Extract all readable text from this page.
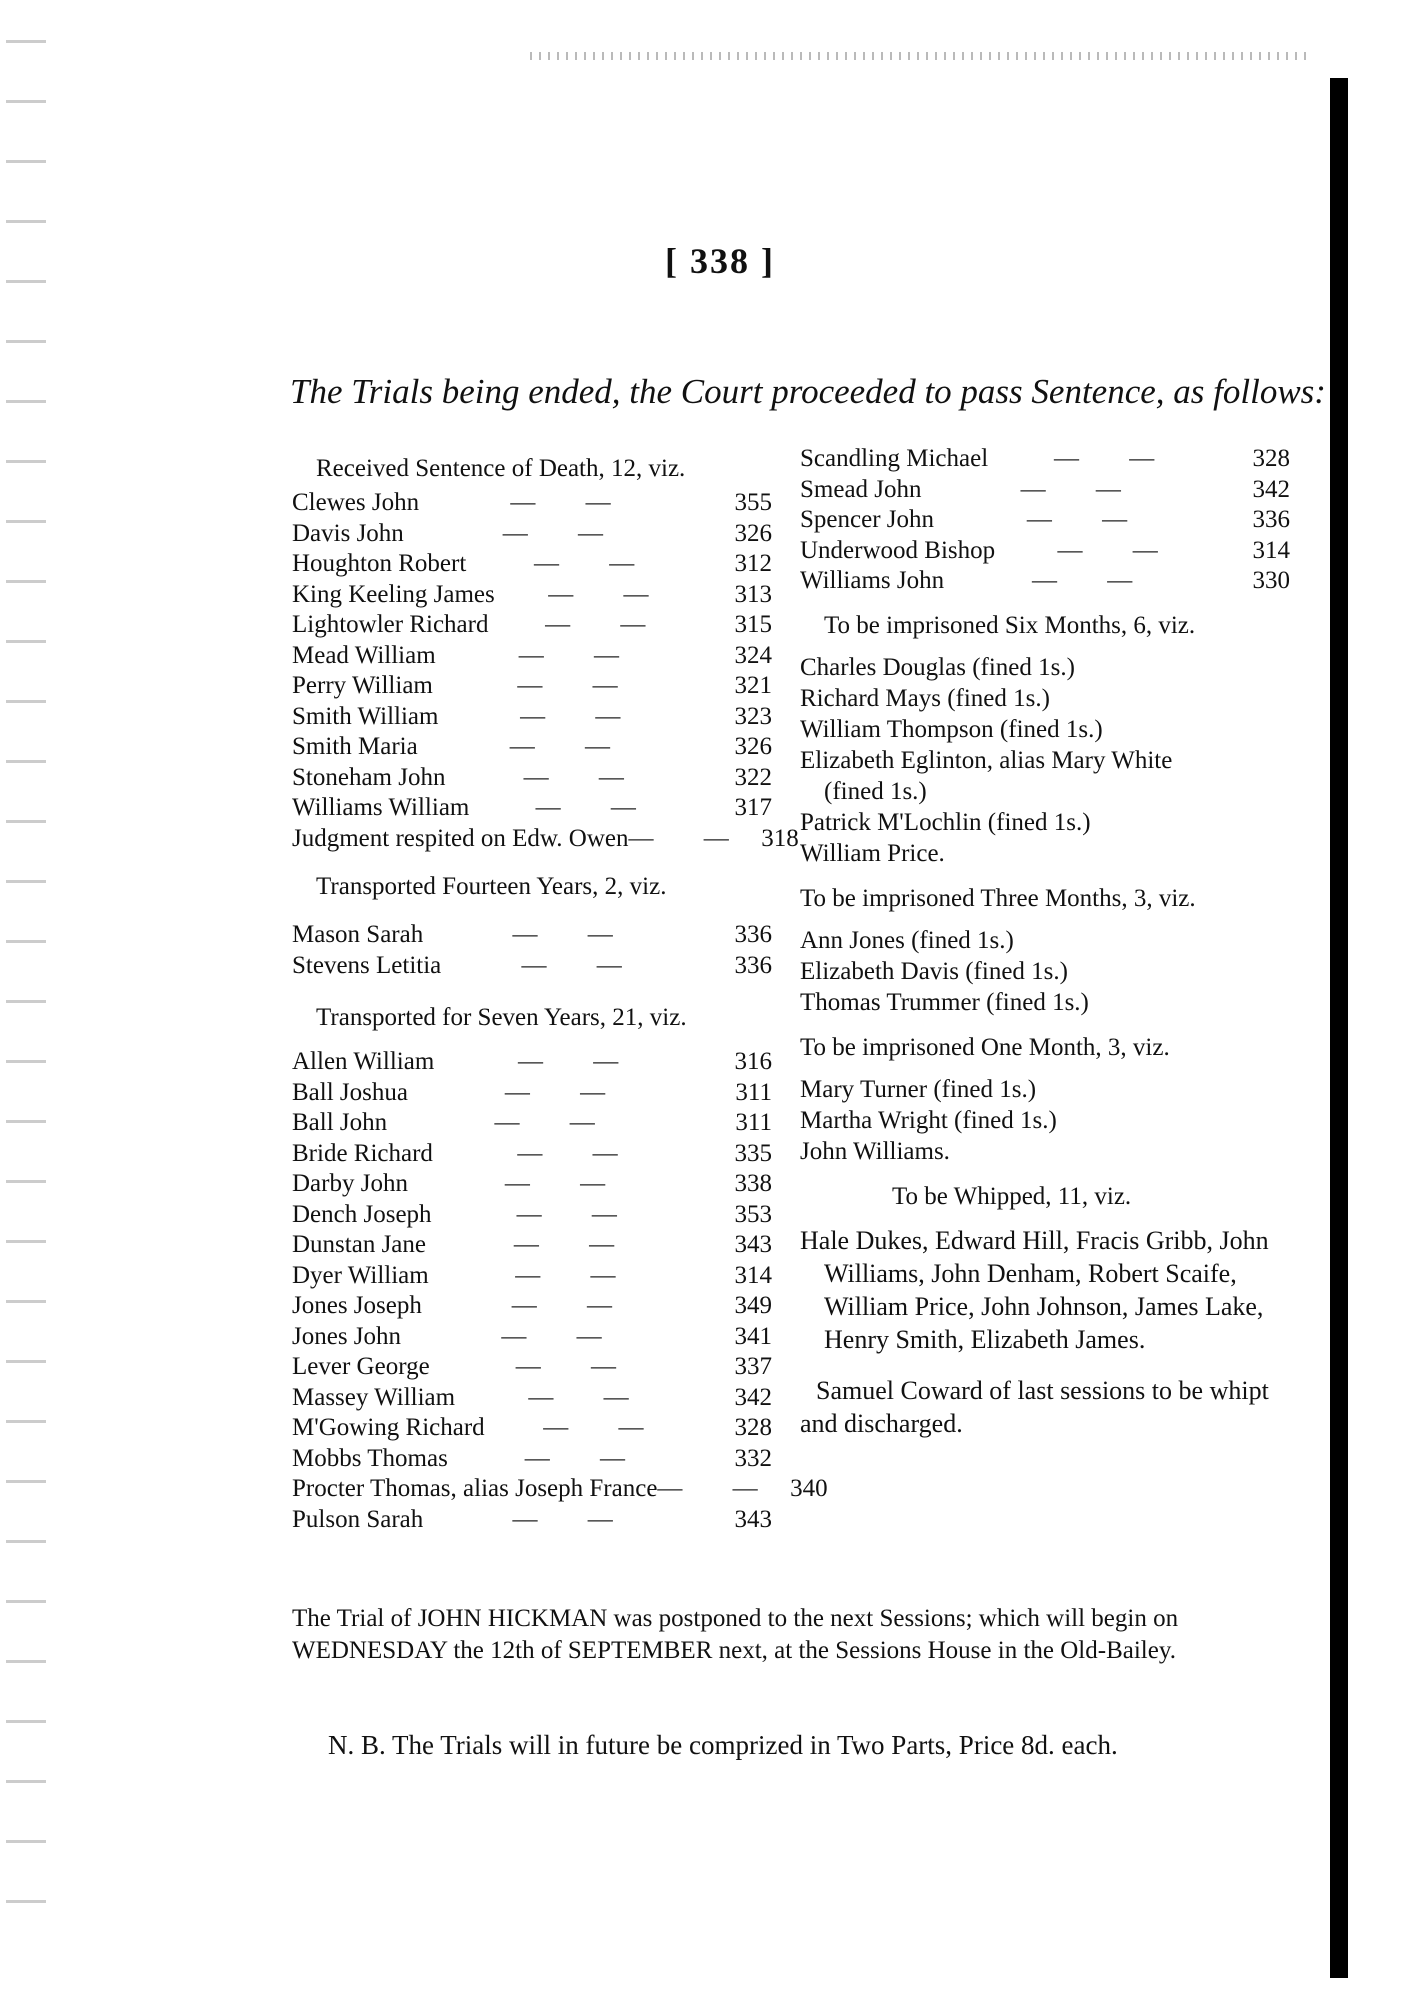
[ 338 ]
The Trials being ended, the Court proceeded to pass Sentence, as follows:
Received Sentence of Death, 12, viz.
Clewes John	— —	355
Davis John	— —	326
Houghton Robert	— —	312
King Keeling James	— —	313
Lightowler Richard	— —	315
Mead William	— —	324
Perry William	— —	321
Smith William	— —	323
Smith Maria	— —	326
Stoneham John	— —	322
Williams William	— —	317
Judgment respited on Edw. Owen — — 318
Transported Fourteen Years, 2, viz.
Mason Sarah	— —	336
Stevens Letitia	— —	336
Transported for Seven Years, 21, viz.
Allen William	— —	316
Ball Joshua	— —	311
Ball John	— —	311
Bride Richard	— —	335
Darby John	— —	338
Dench Joseph	— —	353
Dunstan Jane	— —	343
Dyer William	— —	314
Jones Joseph	— —	349
Jones John	— —	341
Lever George	— —	337
Massey William	— —	342
M'Gowing Richard	— —	328
Mobbs Thomas	— —	332
Procter Thomas, alias Joseph France — — 340
Pulson Sarah	— —	343
Scandling Michael	— —	328
Smead John	— —	342
Spencer John	— —	336
Underwood Bishop	— —	314
Williams John	— —	330
To be imprisoned Six Months, 6, viz.
Charles Douglas (fined 1s.)
Richard Mays (fined 1s.)
William Thompson (fined 1s.)
Elizabeth Eglinton, alias Mary White
(fined 1s.)
Patrick M'Lochlin (fined 1s.)
William Price.
To be imprisoned Three Months, 3, viz.
Ann Jones (fined 1s.)
Elizabeth Davis (fined 1s.)
Thomas Trummer (fined 1s.)
To be imprisoned One Month, 3, viz.
Mary Turner (fined 1s.)
Martha Wright (fined 1s.)
John Williams.
To be Whipped, 11, viz.
Hale Dukes, Edward Hill, Fracis Gribb, John Williams, John Denham, Robert Scaife, William Price, John Johnson, James Lake, Henry Smith, Elizabeth James.
Samuel Coward of last sessions to be whipt and discharged.
The Trial of JOHN HICKMAN was postponed to the next Sessions; which will begin on WEDNESDAY the 12th of SEPTEMBER next, at the Sessions House in the Old-Bailey.
N. B. The Trials will in future be comprized in Two Parts, Price 8d. each.
